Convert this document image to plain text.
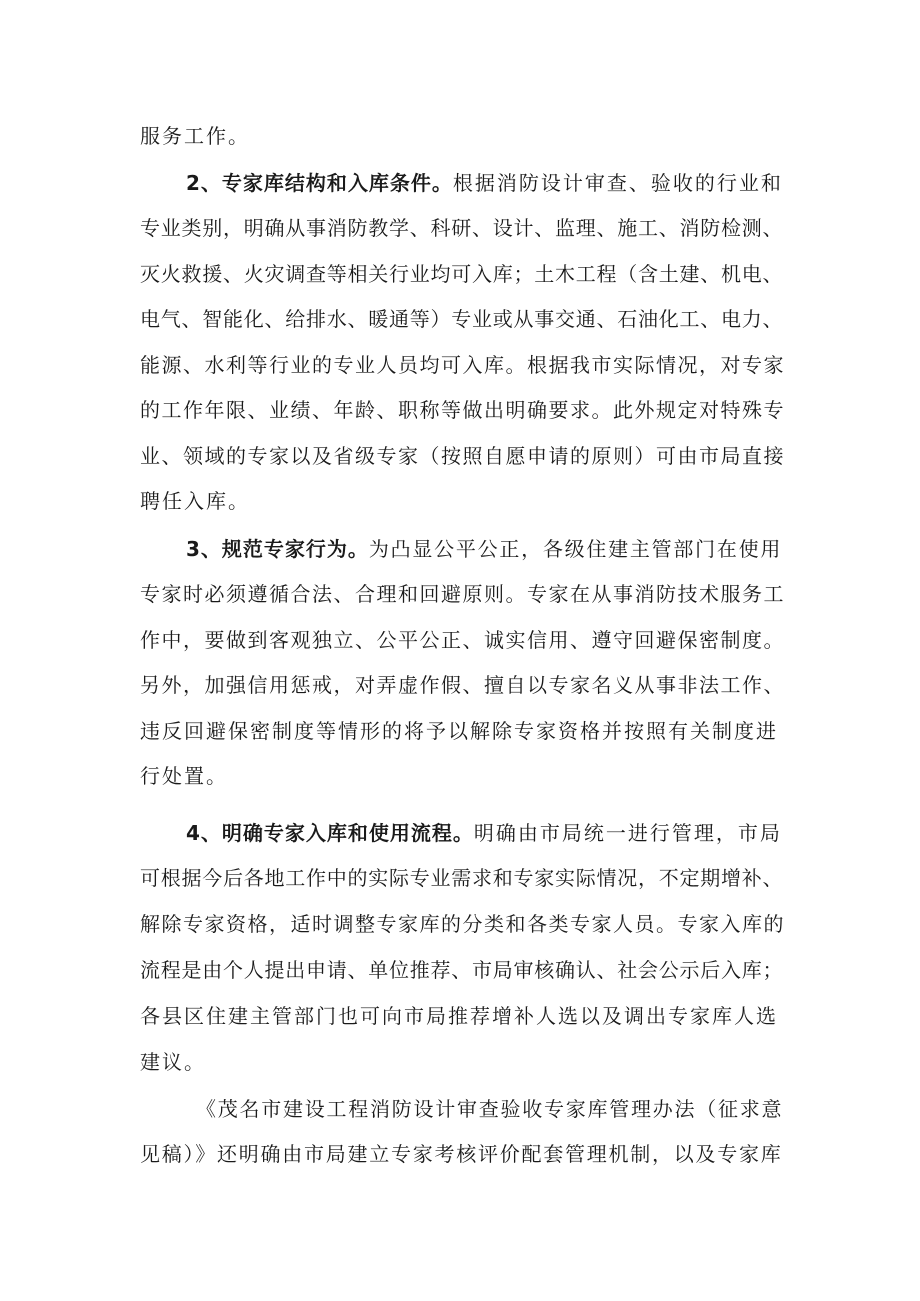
服务工作。
2、专家库结构和入库条件。根据消防设计审查、验收的行业和
专业类别，明确从事消防教学、科研、设计、监理、施工、消防检测、
灭火救援、火灾调查等相关行业均可入库；土木工程（含土建、机电、
电气、智能化、给排水、暖通等）专业或从事交通、石油化工、电力、
能源、水利等行业的专业人员均可入库。根据我市实际情况，对专家
的工作年限、业绩、年龄、职称等做出明确要求。此外规定对特殊专
业、领域的专家以及省级专家（按照自愿申请的原则）可由市局直接
聘任入库。
3、规范专家行为。为凸显公平公正，各级住建主管部门在使用
专家时必须遵循合法、合理和回避原则。专家在从事消防技术服务工
作中，要做到客观独立、公平公正、诚实信用、遵守回避保密制度。
另外，加强信用惩戒，对弄虚作假、擅自以专家名义从事非法工作、
违反回避保密制度等情形的将予以解除专家资格并按照有关制度进
行处置。
4、明确专家入库和使用流程。明确由市局统一进行管理，市局
可根据今后各地工作中的实际专业需求和专家实际情况，不定期增补、
解除专家资格，适时调整专家库的分类和各类专家人员。专家入库的
流程是由个人提出申请、单位推荐、市局审核确认、社会公示后入库；
各县区住建主管部门也可向市局推荐增补人选以及调出专家库人选
建议。
《茂名市建设工程消防设计审查验收专家库管理办法（征求意
见稿）》还明确由市局建立专家考核评价配套管理机制，以及专家库
